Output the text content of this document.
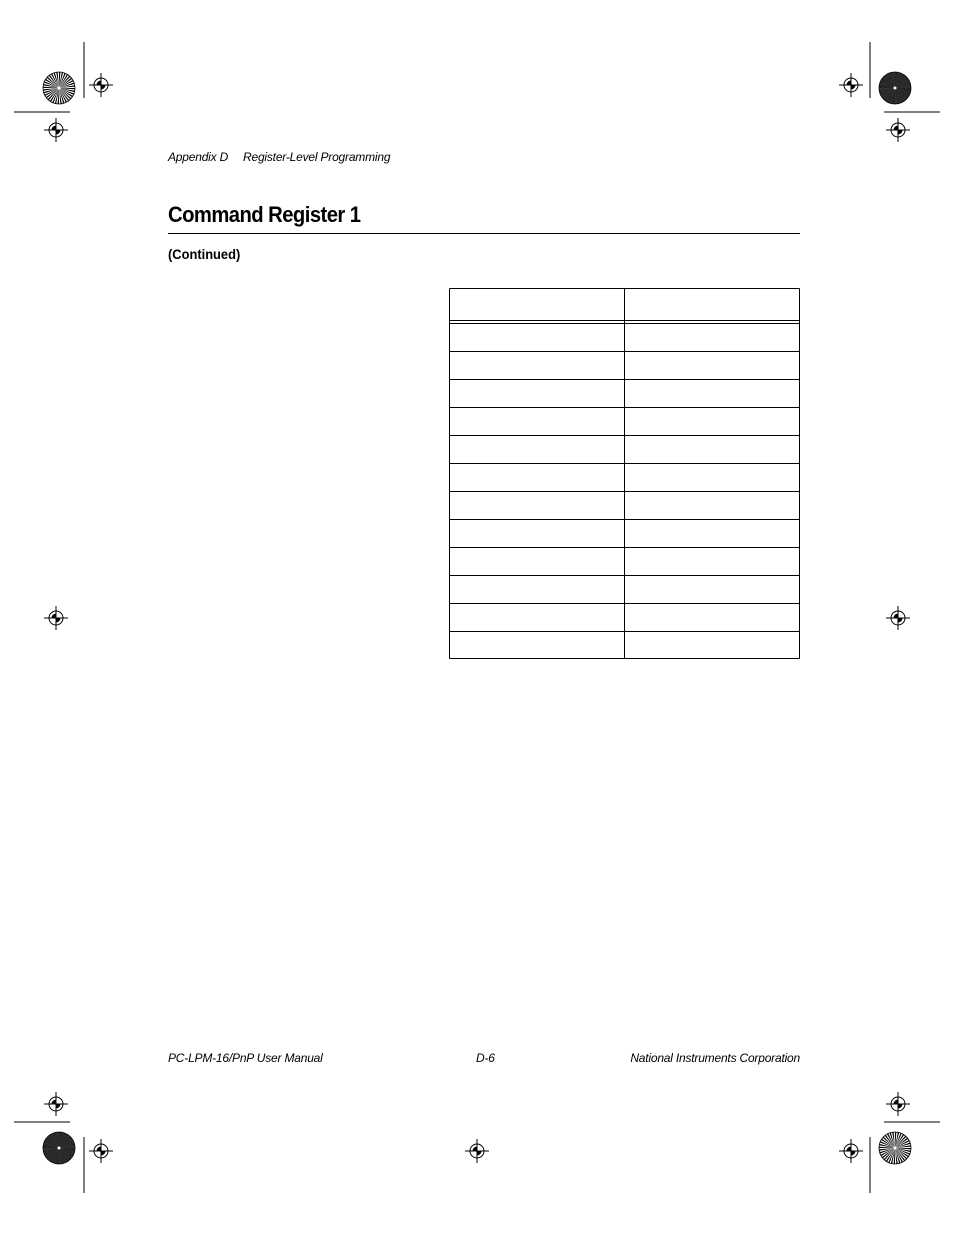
Appendix D Register-Level Programming
Command Register 1
(Continued)
PC-LPM-16/PnP User Manual	D-6	National Instruments Corporation
